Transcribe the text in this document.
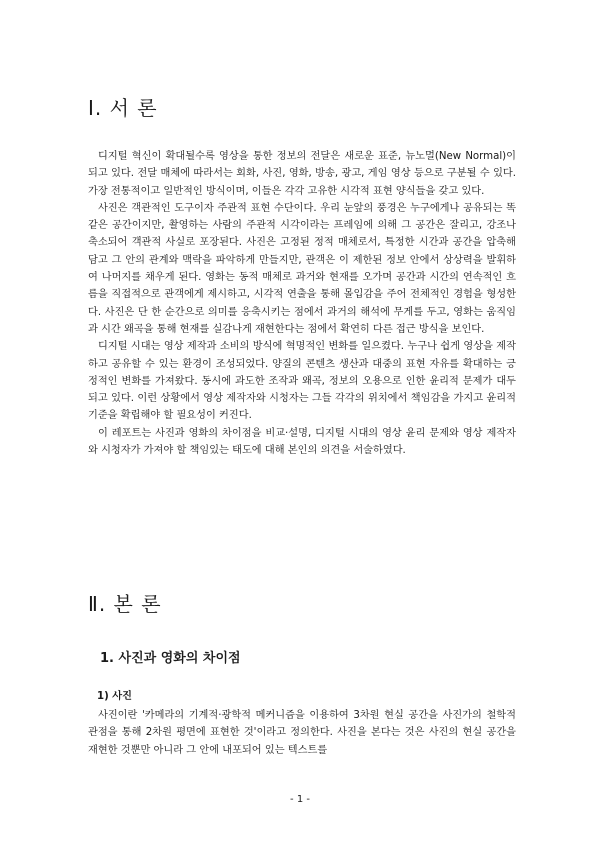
Ⅰ. 서 론

디지털 혁신이 확대될수록 영상을 통한 정보의 전달은 새로운 표준, 뉴노멀(New Normal)이 되고 있다. 전달 매체에 따라서는 회화, 사진, 영화, 방송, 광고, 게임 영상 등으로 구분될 수 있다. 가장 전통적이고 일반적인 방식이며, 이들은 각각 고유한 시각적 표현 양식들을 갖고 있다.

사진은 객관적인 도구이자 주관적 표현 수단이다. 우리 눈앞의 풍경은 누구에게나 공유되는 똑같은 공간이지만, 촬영하는 사람의 주관적 시각이라는 프레임에 의해 그 공간은 잘리고, 강조나 축소되어 객관적 사실로 포장된다. 사진은 고정된 정적 매체로서, 특정한 시간과 공간을 압축해 담고 그 안의 관계와 맥락을 파악하게 만들지만, 관객은 이 제한된 정보 안에서 상상력을 발휘하여 나머지를 채우게 된다. 영화는 동적 매체로 과거와 현재를 오가며 공간과 시간의 연속적인 흐름을 직접적으로 관객에게 제시하고, 시각적 연출을 통해 몰입감을 주어 전체적인 경험을 형성한다. 사진은 단 한 순간으로 의미를 응축시키는 점에서 과거의 해석에 무게를 두고, 영화는 움직임과 시간 왜곡을 통해 현재를 실감나게 재현한다는 점에서 확연히 다른 접근 방식을 보인다.

디지털 시대는 영상 제작과 소비의 방식에 혁명적인 변화를 일으켰다. 누구나 쉽게 영상을 제작하고 공유할 수 있는 환경이 조성되었다. 양질의 콘텐츠 생산과 대중의 표현 자유를 확대하는 긍정적인 변화를 가져왔다. 동시에 과도한 조작과 왜곡, 정보의 오용으로 인한 윤리적 문제가 대두되고 있다. 이런 상황에서 영상 제작자와 시청자는 그들 각각의 위치에서 책임감을 가지고 윤리적 기준을 확립해야 할 필요성이 커진다.

이 레포트는 사진과 영화의 차이점을 비교·설명, 디지털 시대의 영상 윤리 문제와 영상 제작자와 시청자가 가져야 할 책임있는 태도에 대해 본인의 의견을 서술하였다.

Ⅱ. 본 론
1. 사진과 영화의 차이점
1) 사진

사진이란 '카메라의 기계적·광학적 메커니즘을 이용하여 3차원 현실 공간을 사진가의 철학적 관점을 통해 2차원 평면에 표현한 것'이라고 정의한다. 사진을 본다는 것은 사진의 현실 공간을 재현한 것뿐만 아니라 그 안에 내포되어 있는 텍스트를

- 1 -
